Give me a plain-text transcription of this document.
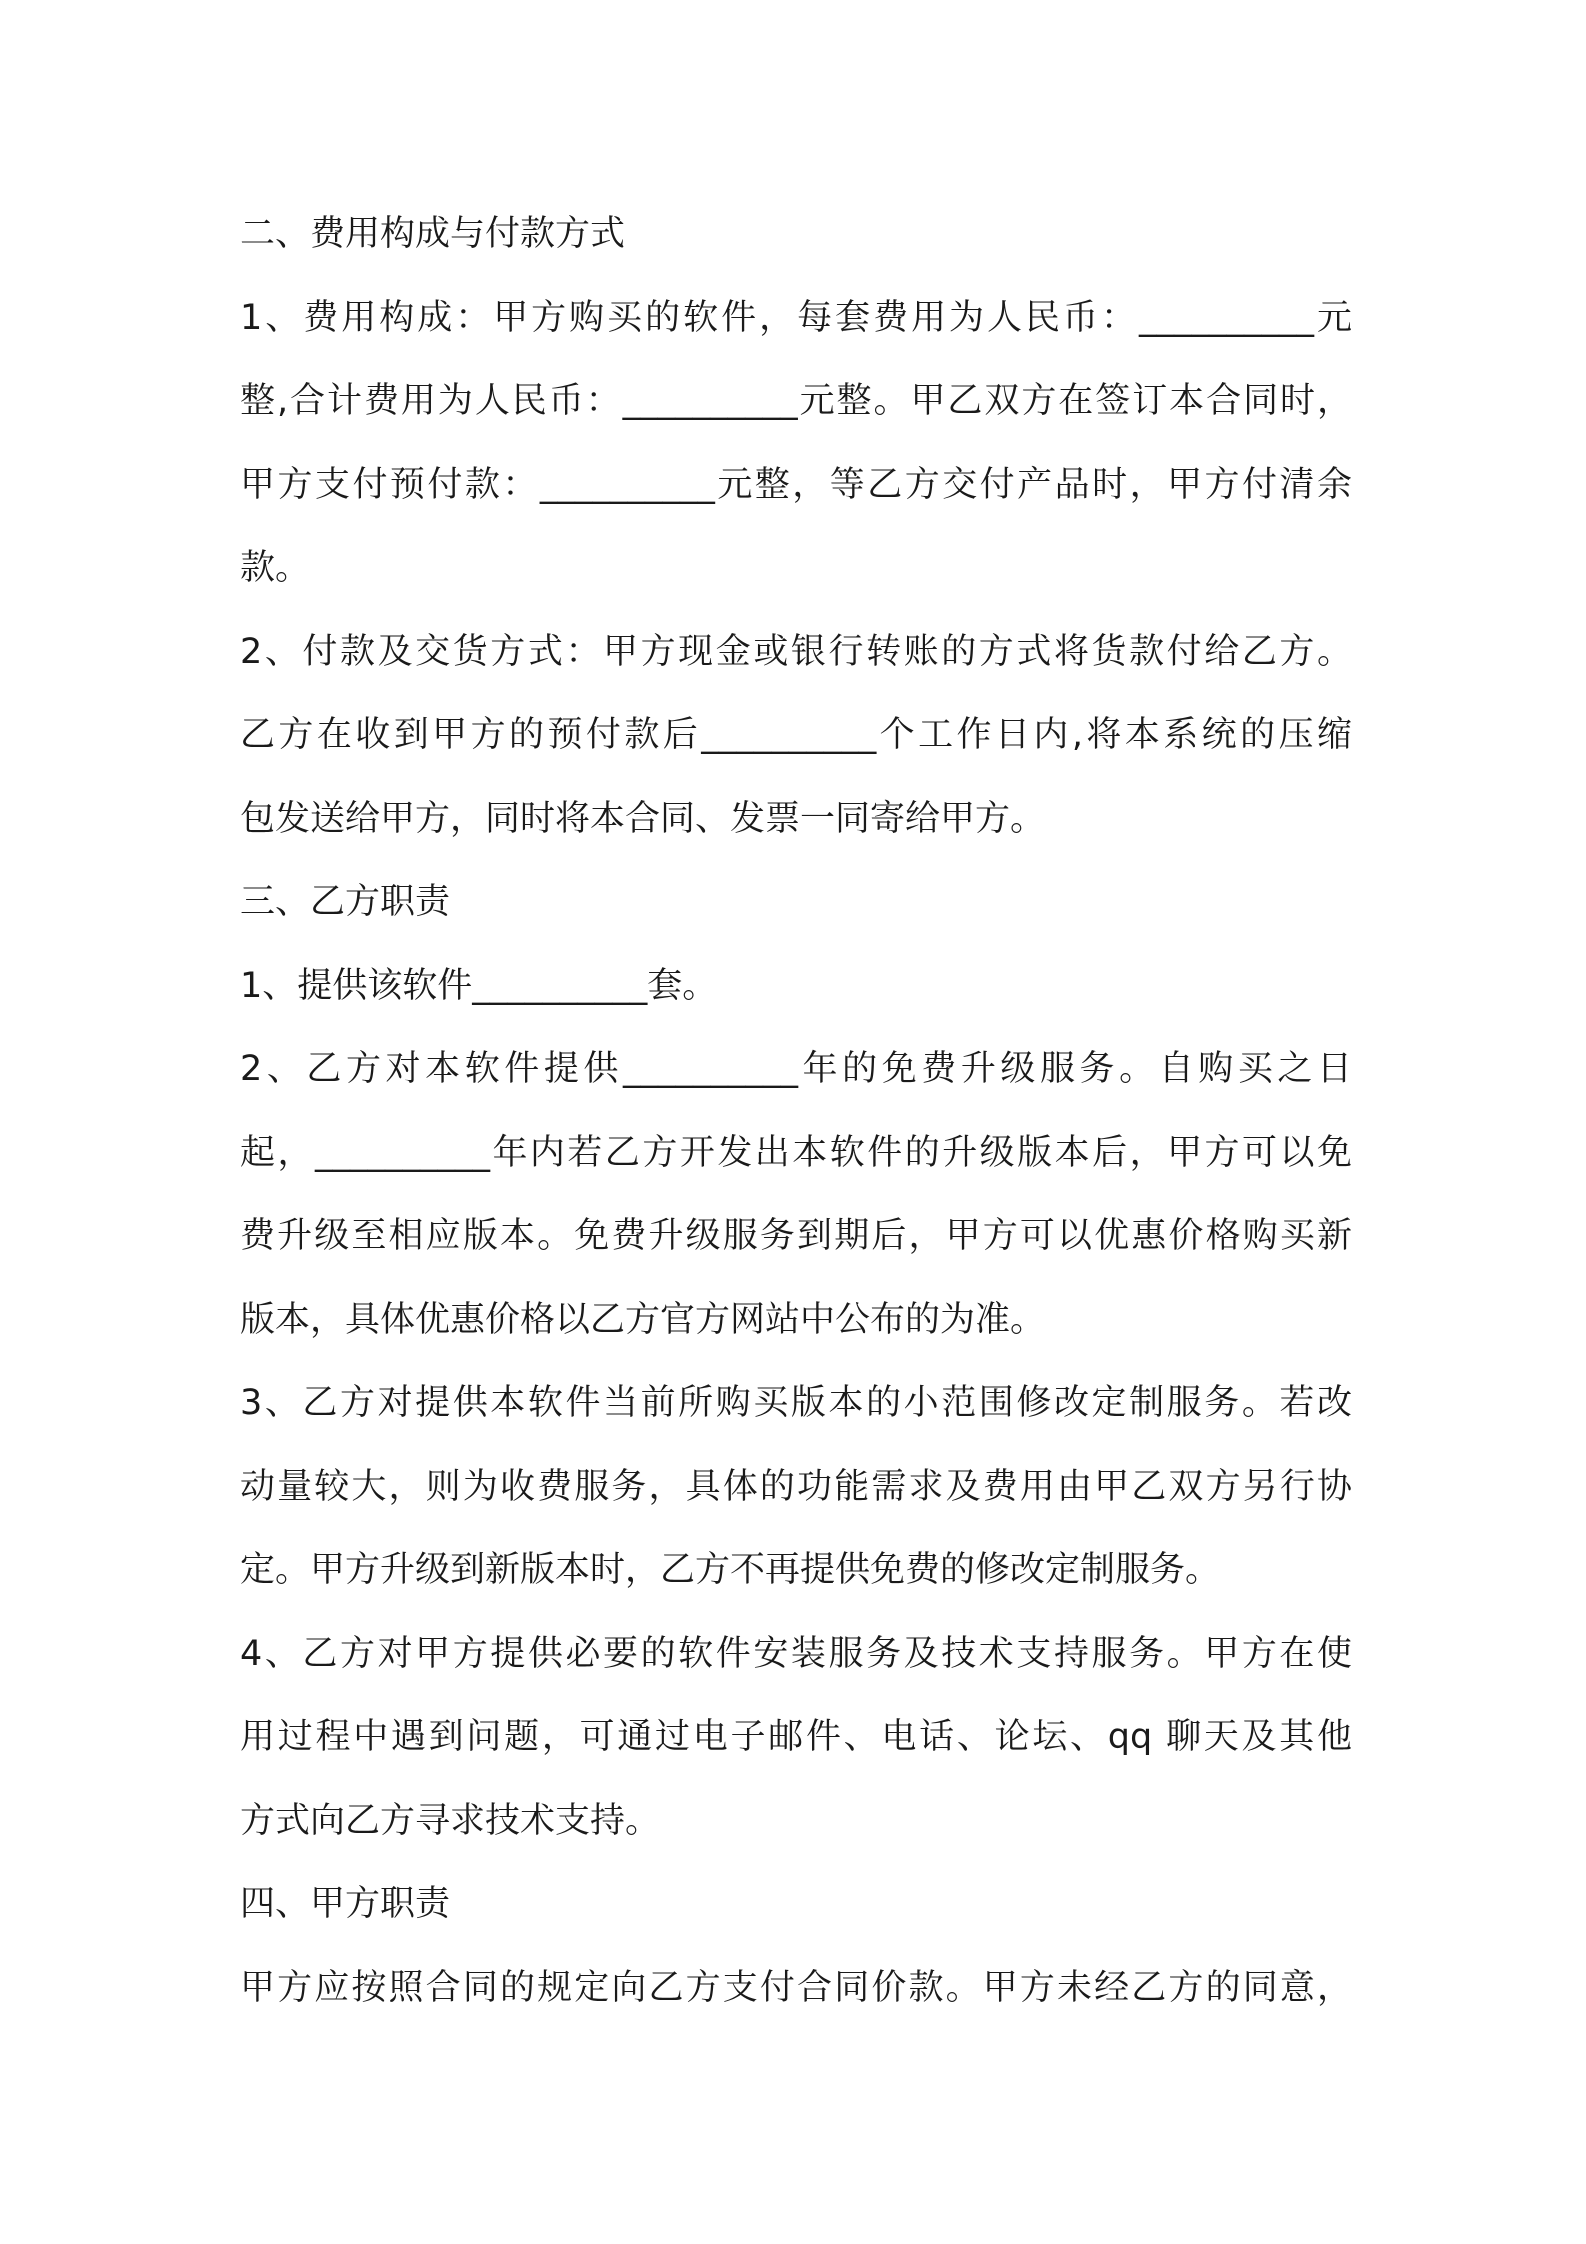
二、费用构成与付款方式
1、费用构成：甲方购买的软件，每套费用为人民币：__________元
整,合计费用为人民币：__________元整。甲乙双方在签订本合同时，
甲方支付预付款：__________元整，等乙方交付产品时，甲方付清余
款。
2、付款及交货方式：甲方现金或银行转账的方式将货款付给乙方。
乙方在收到甲方的预付款后__________个工作日内,将本系统的压缩
包发送给甲方，同时将本合同、发票一同寄给甲方。
三、乙方职责
1、提供该软件__________套。
2、乙方对本软件提供__________年的免费升级服务。自购买之日
起，__________年内若乙方开发出本软件的升级版本后，甲方可以免
费升级至相应版本。免费升级服务到期后，甲方可以优惠价格购买新
版本，具体优惠价格以乙方官方网站中公布的为准。
3、乙方对提供本软件当前所购买版本的小范围修改定制服务。若改
动量较大，则为收费服务，具体的功能需求及费用由甲乙双方另行协
定。甲方升级到新版本时，乙方不再提供免费的修改定制服务。
4、乙方对甲方提供必要的软件安装服务及技术支持服务。甲方在使
用过程中遇到问题，可通过电子邮件、电话、论坛、qq 聊天及其他
方式向乙方寻求技术支持。
四、甲方职责
甲方应按照合同的规定向乙方支付合同价款。甲方未经乙方的同意，
